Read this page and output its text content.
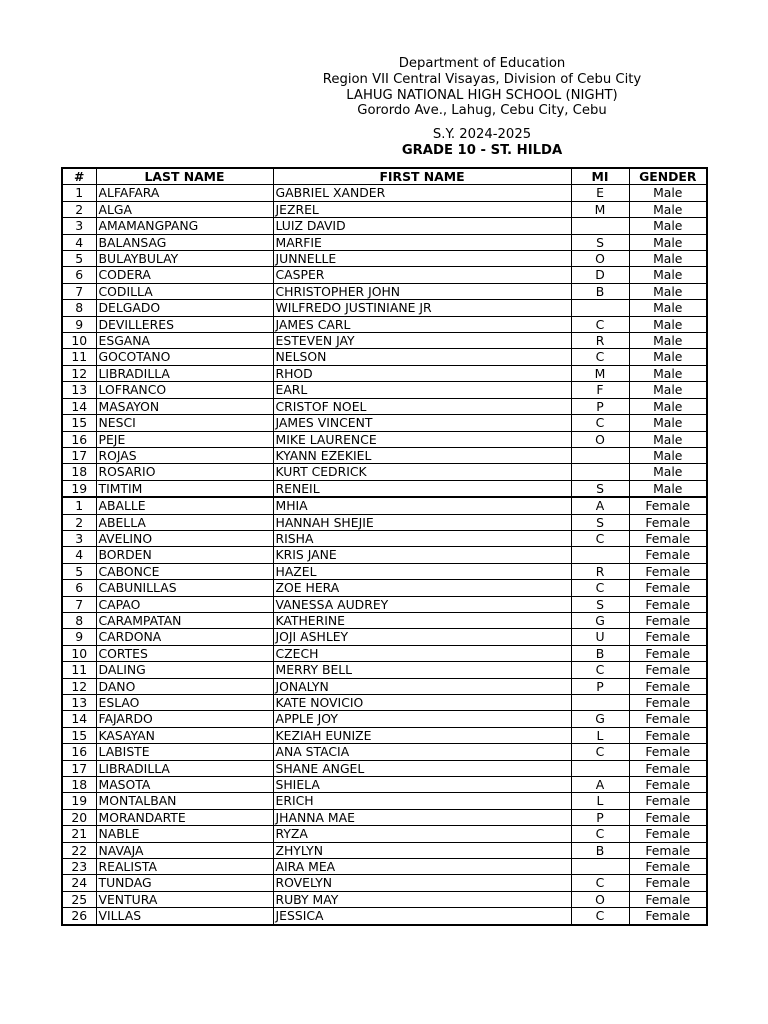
Department of Education
Region VII Central Visayas, Division of Cebu City
LAHUG NATIONAL HIGH SCHOOL (NIGHT)
Gorordo Ave., Lahug, Cebu City, Cebu
S.Y. 2024-2025
GRADE 10 - ST. HILDA
#	LAST NAME	FIRST NAME	MI	GENDER
1	ALFAFARA	GABRIEL XANDER	E	Male
2	ALGA	JEZREL	M	Male
3	AMAMANGPANG	LUIZ DAVID		Male
4	BALANSAG	MARFIE	S	Male
5	BULAYBULAY	JUNNELLE	O	Male
6	CODERA	CASPER	D	Male
7	CODILLA	CHRISTOPHER JOHN	B	Male
8	DELGADO	WILFREDO JUSTINIANE JR		Male
9	DEVILLERES	JAMES CARL	C	Male
10	ESGANA	ESTEVEN JAY	R	Male
11	GOCOTANO	NELSON	C	Male
12	LIBRADILLA	RHOD	M	Male
13	LOFRANCO	EARL	F	Male
14	MASAYON	CRISTOF NOEL	P	Male
15	NESCI	JAMES VINCENT	C	Male
16	PEJE	MIKE LAURENCE	O	Male
17	ROJAS	KYANN EZEKIEL		Male
18	ROSARIO	KURT CEDRICK		Male
19	TIMTIM	RENEIL	S	Male
1	ABALLE	MHIA	A	Female
2	ABELLA	HANNAH SHEJIE	S	Female
3	AVELINO	RISHA	C	Female
4	BORDEN	KRIS JANE		Female
5	CABONCE	HAZEL	R	Female
6	CABUNILLAS	ZOE HERA	C	Female
7	CAPAO	VANESSA AUDREY	S	Female
8	CARAMPATAN	KATHERINE	G	Female
9	CARDONA	JOJI ASHLEY	U	Female
10	CORTES	CZECH	B	Female
11	DALING	MERRY BELL	C	Female
12	DANO	JONALYN	P	Female
13	ESLAO	KATE NOVICIO		Female
14	FAJARDO	APPLE JOY	G	Female
15	KASAYAN	KEZIAH EUNIZE	L	Female
16	LABISTE	ANA STACIA	C	Female
17	LIBRADILLA	SHANE ANGEL		Female
18	MASOTA	SHIELA	A	Female
19	MONTALBAN	ERICH	L	Female
20	MORANDARTE	JHANNA MAE	P	Female
21	NABLE	RYZA	C	Female
22	NAVAJA	ZHYLYN	B	Female
23	REALISTA	AIRA MEA		Female
24	TUNDAG	ROVELYN	C	Female
25	VENTURA	RUBY MAY	O	Female
26	VILLAS	JESSICA	C	Female
